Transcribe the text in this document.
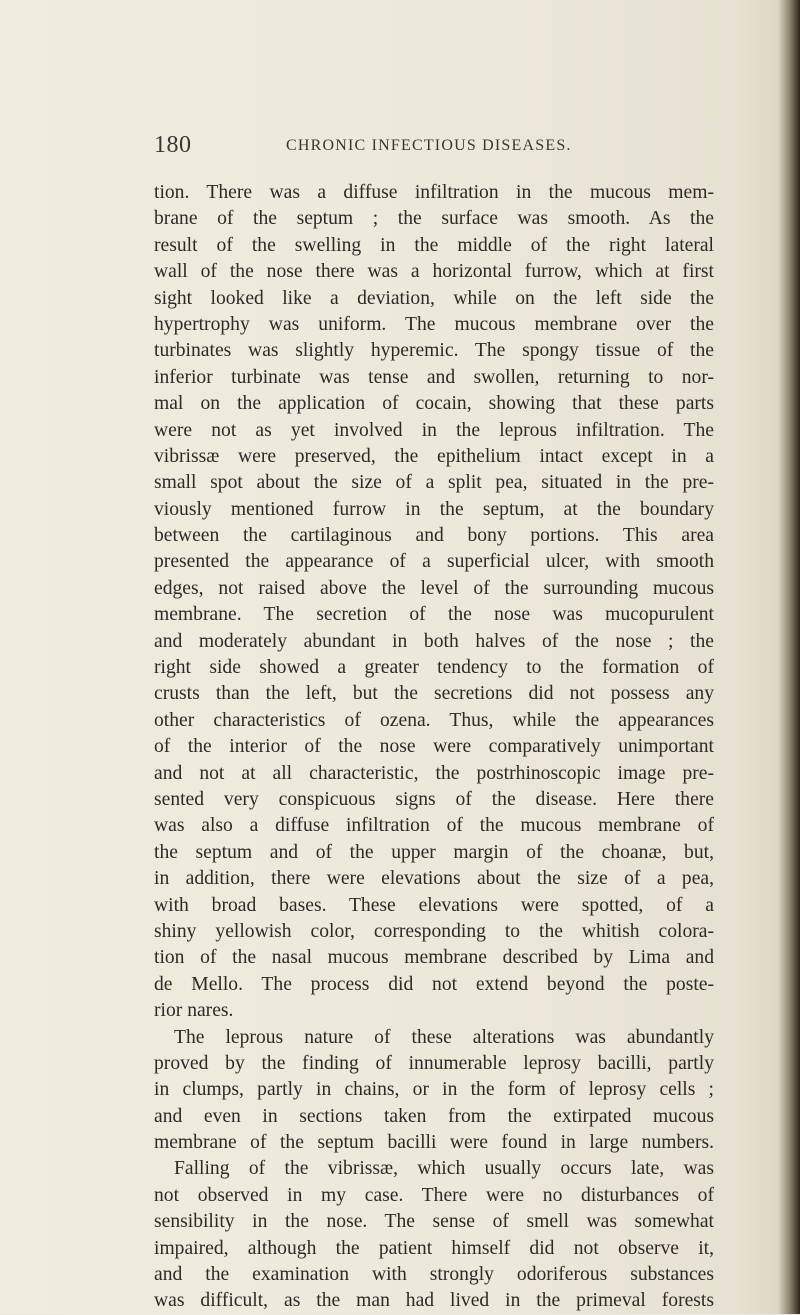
180	CHRONIC INFECTIOUS DISEASES.
tion. There was a diffuse infiltration in the mucous mem-
brane of the septum ; the surface was smooth. As the
result of the swelling in the middle of the right lateral
wall of the nose there was a horizontal furrow, which at first
sight looked like a deviation, while on the left side the
hypertrophy was uniform. The mucous membrane over the
turbinates was slightly hyperemic. The spongy tissue of the
inferior turbinate was tense and swollen, returning to nor-
mal on the application of cocain, showing that these parts
were not as yet involved in the leprous infiltration. The
vibrissæ were preserved, the epithelium intact except in a
small spot about the size of a split pea, situated in the pre-
viously mentioned furrow in the septum, at the boundary
between the cartilaginous and bony portions. This area
presented the appearance of a superficial ulcer, with smooth
edges, not raised above the level of the surrounding mucous
membrane. The secretion of the nose was mucopurulent
and moderately abundant in both halves of the nose ; the
right side showed a greater tendency to the formation of
crusts than the left, but the secretions did not possess any
other characteristics of ozena. Thus, while the appearances
of the interior of the nose were comparatively unimportant
and not at all characteristic, the postrhinoscopic image pre-
sented very conspicuous signs of the disease. Here there
was also a diffuse infiltration of the mucous membrane of
the septum and of the upper margin of the choanæ, but,
in addition, there were elevations about the size of a pea,
with broad bases. These elevations were spotted, of a
shiny yellowish color, corresponding to the whitish colora-
tion of the nasal mucous membrane described by Lima and
de Mello. The process did not extend beyond the poste-
rior nares.
The leprous nature of these alterations was abundantly
proved by the finding of innumerable leprosy bacilli, partly
in clumps, partly in chains, or in the form of leprosy cells ;
and even in sections taken from the extirpated mucous
membrane of the septum bacilli were found in large numbers.
Falling of the vibrissæ, which usually occurs late, was
not observed in my case. There were no disturbances of
sensibility in the nose. The sense of smell was somewhat
impaired, although the patient himself did not observe it,
and the examination with strongly odoriferous substances
was difficult, as the man had lived in the primeval forests
